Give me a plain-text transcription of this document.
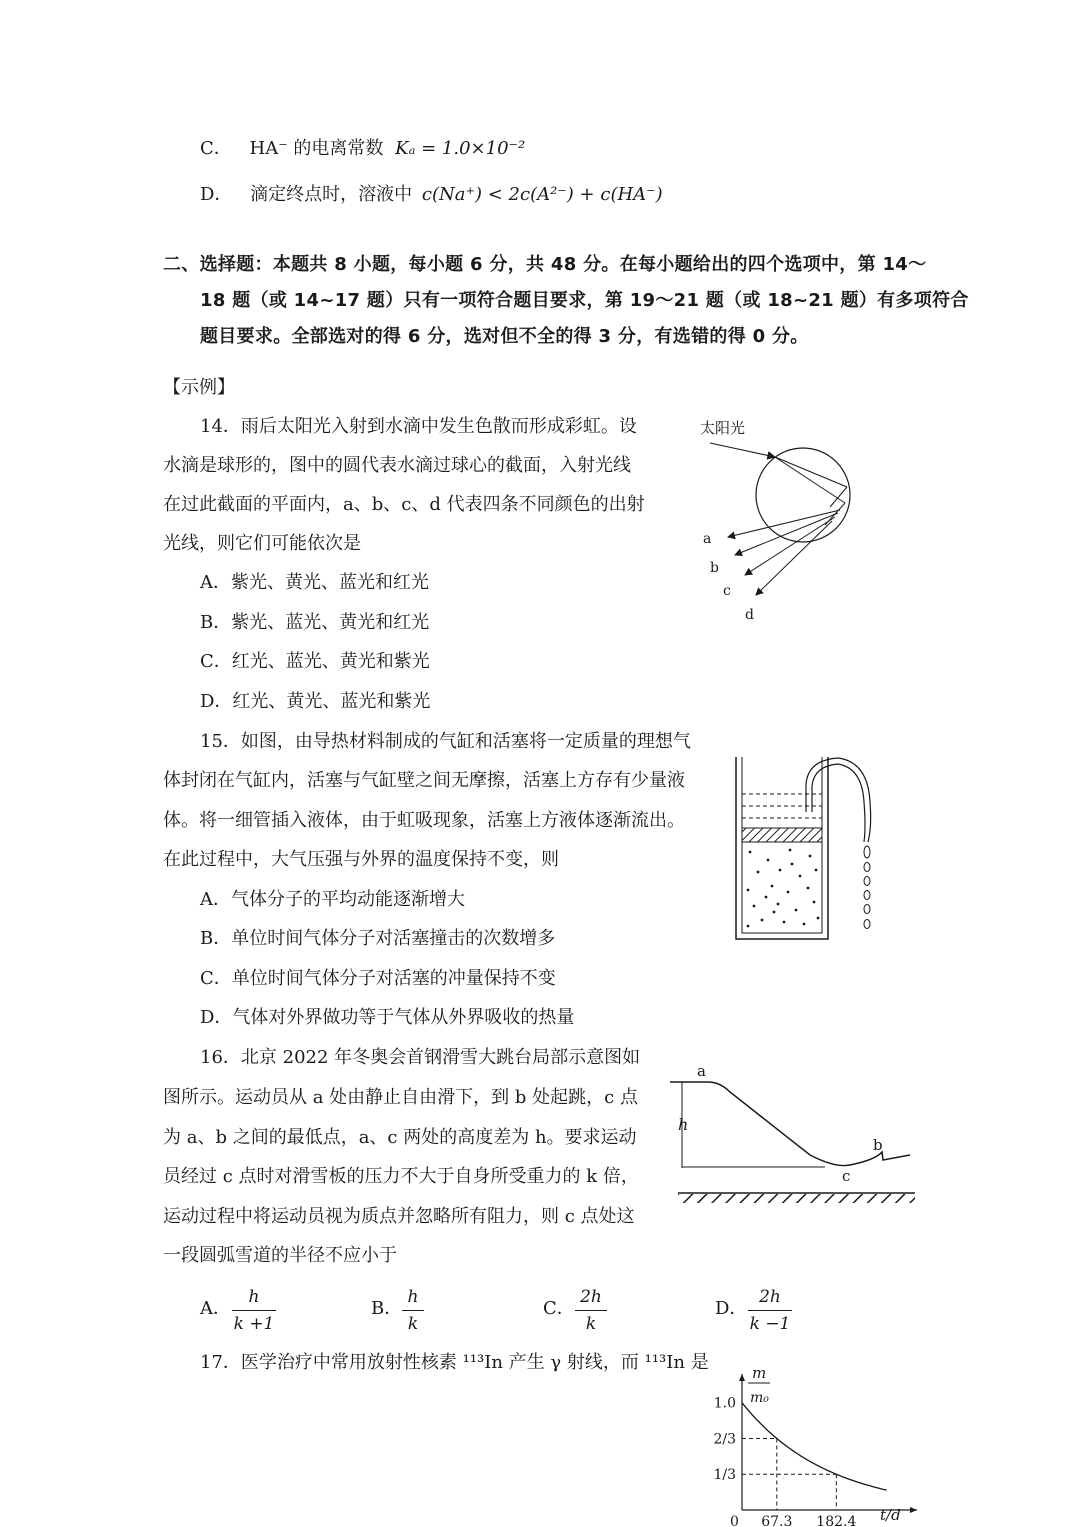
C． HA⁻ 的电离常数 Kₐ = 1.0×10⁻²
D． 滴定终点时，溶液中 c(Na⁺) < 2c(A²⁻) + c(HA⁻)
二、选择题：本题共 8 小题，每小题 6 分，共 48 分。在每小题给出的四个选项中，第 14～
18 题（或 14~17 题）只有一项符合题目要求，第 19～21 题（或 18~21 题）有多项符合
题目要求。全部选对的得 6 分，选对但不全的得 3 分，有选错的得 0 分。
【示例】
14．雨后太阳光入射到水滴中发生色散而形成彩虹。设
水滴是球形的，图中的圆代表水滴过球心的截面，入射光线
在过此截面的平面内，a、b、c、d 代表四条不同颜色的出射
光线，则它们可能依次是
A．紫光、黄光、蓝光和红光
B．紫光、蓝光、黄光和红光
C．红光、蓝光、黄光和紫光
D．红光、黄光、蓝光和紫光
太阳光
a
b
c
d
15．如图，由导热材料制成的气缸和活塞将一定质量的理想气
体封闭在气缸内，活塞与气缸壁之间无摩擦，活塞上方存有少量液
体。将一细管插入液体，由于虹吸现象，活塞上方液体逐渐流出。
在此过程中，大气压强与外界的温度保持不变，则
A．气体分子的平均动能逐渐增大
B．单位时间气体分子对活塞撞击的次数增多
C．单位时间气体分子对活塞的冲量保持不变
D．气体对外界做功等于气体从外界吸收的热量
16．北京 2022 年冬奥会首钢滑雪大跳台局部示意图如
图所示。运动员从 a 处由静止自由滑下，到 b 处起跳，c 点
为 a、b 之间的最低点，a、c 两处的高度差为 h。要求运动
员经过 c 点时对滑雪板的压力不大于自身所受重力的 k 倍，
运动过程中将运动员视为质点并忽略所有阻力，则 c 点处这
一段圆弧雪道的半径不应小于
A． $\frac{h}{k +1}$	B． $\frac{h}{k}$	C． $\frac{2h}{k}$	D． $\frac{2h}{k -1}$
a
h
b
c
17．医学治疗中常用放射性核素 ¹¹³In 产生 γ 射线，而 ¹¹³In 是	m
m₀
t/d
1.0
2/3
1/3
0 67.3 182.4
